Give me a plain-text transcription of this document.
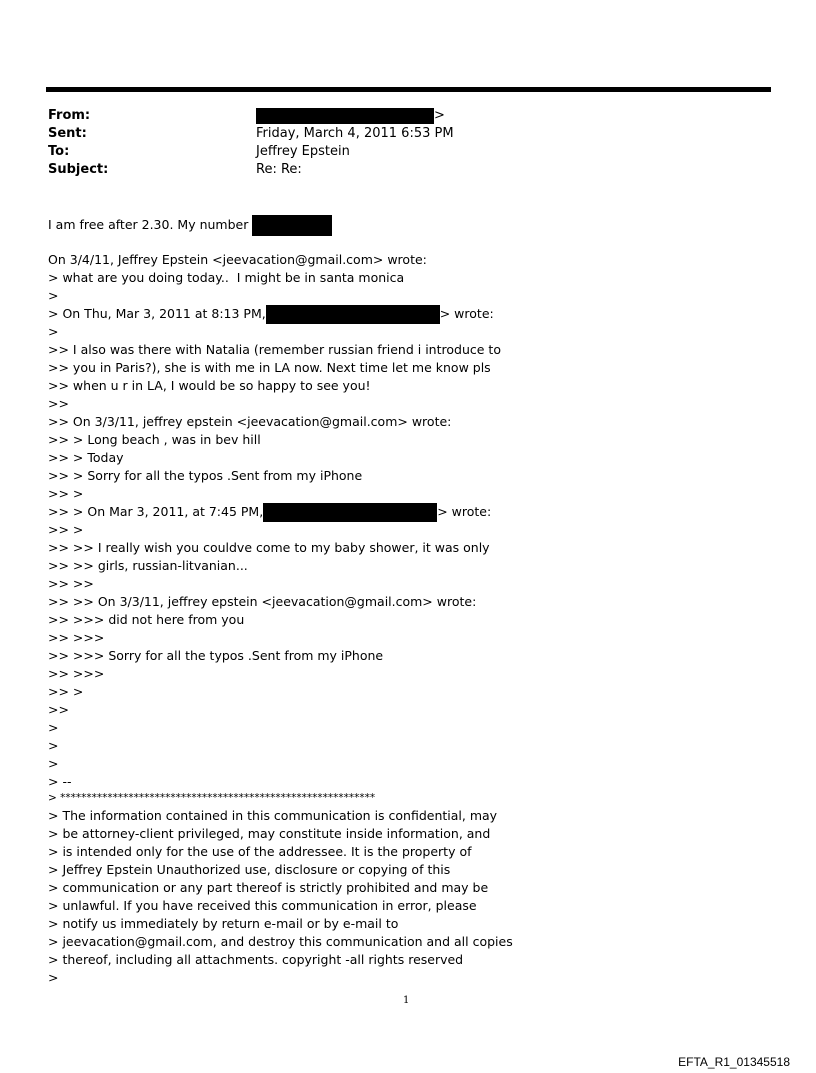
From:	>
Sent:	Friday, March 4, 2011 6:53 PM
To:	Jeffrey Epstein
Subject:	Re: Re:
I am free after 2.30. My number
On 3/4/11, Jeffrey Epstein <jeevacation@gmail.com> wrote:
> what are you doing today..  I might be in santa monica
>
> On Thu, Mar 3, 2011 at 8:13 PM,	> wrote:
>
>> I also was there with Natalia (remember russian friend i introduce to
>> you in Paris?), she is with me in LA now. Next time let me know pls
>> when u r in LA, I would be so happy to see you!
>>
>> On 3/3/11, jeffrey epstein <jeevacation@gmail.com> wrote:
>> > Long beach , was in bev hill
>> > Today
>> > Sorry for all the typos .Sent from my iPhone
>> >
>> > On Mar 3, 2011, at 7:45 PM,	> wrote:
>> >
>> >> I really wish you couldve come to my baby shower, it was only
>> >> girls, russian-litvanian...
>> >>
>> >> On 3/3/11, jeffrey epstein <jeevacation@gmail.com> wrote:
>> >>> did not here from you
>> >>>
>> >>> Sorry for all the typos .Sent from my iPhone
>> >>>
>> >
>>
>
>
>
> --
> ************************************************************
> The information contained in this communication is confidential, may
> be attorney-client privileged, may constitute inside information, and
> is intended only for the use of the addressee. It is the property of
> Jeffrey Epstein Unauthorized use, disclosure or copying of this
> communication or any part thereof is strictly prohibited and may be
> unlawful. If you have received this communication in error, please
> notify us immediately by return e-mail or by e-mail to
> jeevacation@gmail.com, and destroy this communication and all copies
> thereof, including all attachments. copyright -all rights reserved
>
1
EFTA_R1_01345518
